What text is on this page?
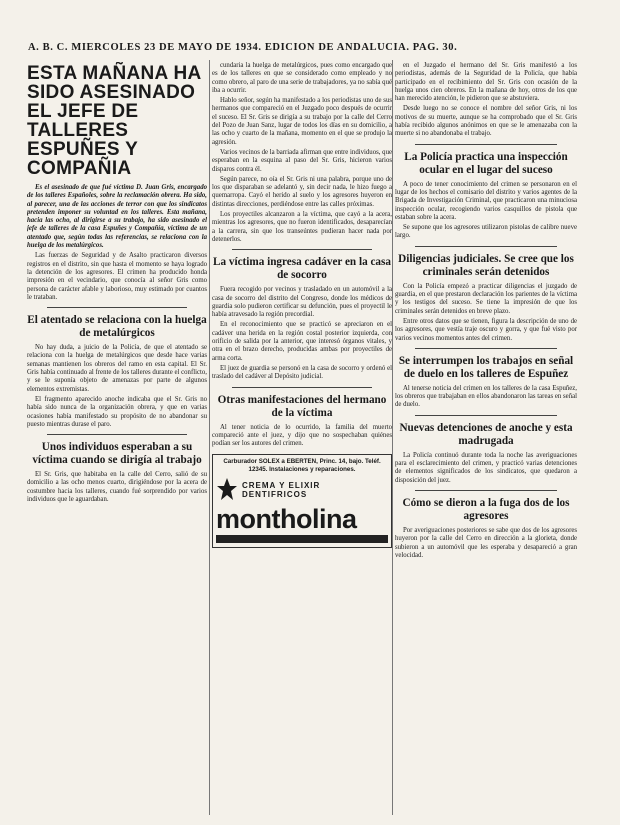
A. B. C. MIERCOLES 23 DE MAYO DE 1934. EDICION DE ANDALUCIA. PAG. 30.
ESTA MAÑANA HA SIDO ASESINADO EL JEFE DE TALLERES ESPUÑES Y COMPAÑIA

Es el asesinado de que fué víctima D. Juan Gris, encargado de los talleres Españoles, sobre la reclamación obrera. Ha sido, al parecer, una de las acciones de terror con que los sindicatos pretenden imponer su voluntad en los talleres. Esta mañana, hacia las ocho, al dirigirse a su trabajo, ha sido asesinado el jefe de talleres de la casa Espuñes y Compañía, víctima de un atentado que, según todas las referencias, se relaciona con la huelga de los metalúrgicos.

Las fuerzas de Seguridad y de Asalto practicaron diversos registros en el distrito, sin que hasta el momento se haya logrado la detención de los agresores. El crimen ha producido honda impresión en el vecindario, que conocía al señor Gris como persona de carácter afable y laborioso, muy estimado por cuantos le trataban.

El atentado se relaciona con la huelga de metalúrgicos

No hay duda, a juicio de la Policía, de que el atentado se relaciona con la huelga de metalúrgicos que desde hace varias semanas mantienen los obreros del ramo en esta capital. El Sr. Gris había continuado al frente de los talleres durante el conflicto, y se le suponía objeto de amenazas por parte de algunos elementos extremistas.

El fragmento aparecido anoche indicaba que el Sr. Gris no había sido nunca de la organización obrera, y que en varias ocasiones había manifestado su propósito de no abandonar su puesto mientras durase el paro.

Unos individuos esperaban a su víctima cuando se dirigía al trabajo

El Sr. Gris, que habitaba en la calle del Cerro, salió de su domicilio a las ocho menos cuarto, dirigiéndose por la acera de costumbre hacia los talleres, cuando fué sorprendido por varios individuos que le aguardaban.

cundaria la huelga de metalúrgicos, pues como encargado que es de los talleres en que se considerado como empleado y no como obrero, al paro de una serie de trabajadores, ya no sabía qué iba a ocurrir.

Hablo señor, según ha manifestado a los periodistas uno de sus hermanos que compareció en el Juzgado poco después de ocurrir el suceso. El Sr. Gris se dirigía a su trabajo por la calle del Cerro del Pozo de Juan Sanz, lugar de todos los días en su domicilio, a las ocho y cuarto de la mañana, momento en el que se produjo la agresión.

Varios vecinos de la barriada afirman que entre individuos, que esperaban en la esquina al paso del Sr. Gris, hicieron varios disparos contra él.

Según parece, no oía el Sr. Gris ni una palabra, porque uno de los que disparaban se adelantó y, sin decir nada, le hizo fuego a quemarropa. Cayó el herido al suelo y los agresores huyeron en distintas direcciones, perdiéndose entre las calles próximas.

Los proyectiles alcanzaron a la víctima, que cayó a la acera, mientras los agresores, que no fueron identificados, desaparecían a la carrera, sin que los transeúntes pudieran hacer nada por detenerlos.

La víctima ingresa cadáver en la casa de socorro

Fuera recogido por vecinos y trasladado en un automóvil a la casa de socorro del distrito del Congreso, donde los médicos de guardia solo pudieron certificar su defunción, pues el proyectil le había atravesado la región precordial.

En el reconocimiento que se practicó se apreciaron en el cadáver una herida en la región costal posterior izquierda, con orificio de salida por la anterior, que interesó órganos vitales, y otra en el brazo derecho, producidas ambas por proyectiles de arma corta.

El juez de guardia se personó en la casa de socorro y ordenó el traslado del cadáver al Depósito judicial.

Otras manifestaciones del hermano de la víctima

Al tener noticia de lo ocurrido, la familia del muerto compareció ante el juez, y dijo que no sospechaban quiénes podían ser los autores del crimen.

Carburador SOLEX a EBERTEN, Princ. 14, bajo. Teléf. 12345. Instalaciones y reparaciones.
CREMA Y ELIXIR DENTIFRICOS
montholina

en el Juzgado el hermano del Sr. Gris manifestó a los periodistas, además de la Seguridad de la Policía, que había participado en el recibimiento del Sr. Gris con ocasión de la huelga unos cien obreros. En la mañana de hoy, otros de los que han merecido atención, le pidieron que se abstuviera.

Desde luego no se conoce el nombre del señor Gris, ni los motivos de su muerte, aunque se ha comprobado que el Sr. Gris había recibido algunos anónimos en que se le amenazaba con la muerte si no abandonaba el trabajo.

La Policía practica una inspección ocular en el lugar del suceso

A poco de tener conocimiento del crimen se personaron en el lugar de los hechos el comisario del distrito y varios agentes de la Brigada de Investigación Criminal, que practicaron una minuciosa inspección ocular, recogiendo varios casquillos de pistola que estaban sobre la acera.

Se supone que los agresores utilizaron pistolas de calibre nueve largo.

Diligencias judiciales. Se cree que los criminales serán detenidos

Con la Policía empezó a practicar diligencias el juzgado de guardia, en el que prestaron declaración los parientes de la víctima y los testigos del suceso. Se tiene la impresión de que los criminales serán detenidos en breve plazo.

Entre otros datos que se tienen, figura la descripción de uno de los agresores, que vestía traje oscuro y gorra, y que fué visto por varios vecinos momentos antes del crimen.

Se interrumpen los trabajos en señal de duelo en los talleres de Espuñez

Al tenerse noticia del crimen en los talleres de la casa Espuñez, los obreros que trabajaban en ellos abandonaron las tareas en señal de duelo.

Nuevas detenciones de anoche y esta madrugada

La Policía continuó durante toda la noche las averiguaciones para el esclarecimiento del crimen, y practicó varias detenciones de elementos significados de los sindicatos, que quedaron a disposición del juez.

Cómo se dieron a la fuga dos de los agresores

Por averiguaciones posteriores se sabe que dos de los agresores huyeron por la calle del Cerro en dirección a la glorieta, donde subieron a un automóvil que les esperaba y desapareció a gran velocidad.
